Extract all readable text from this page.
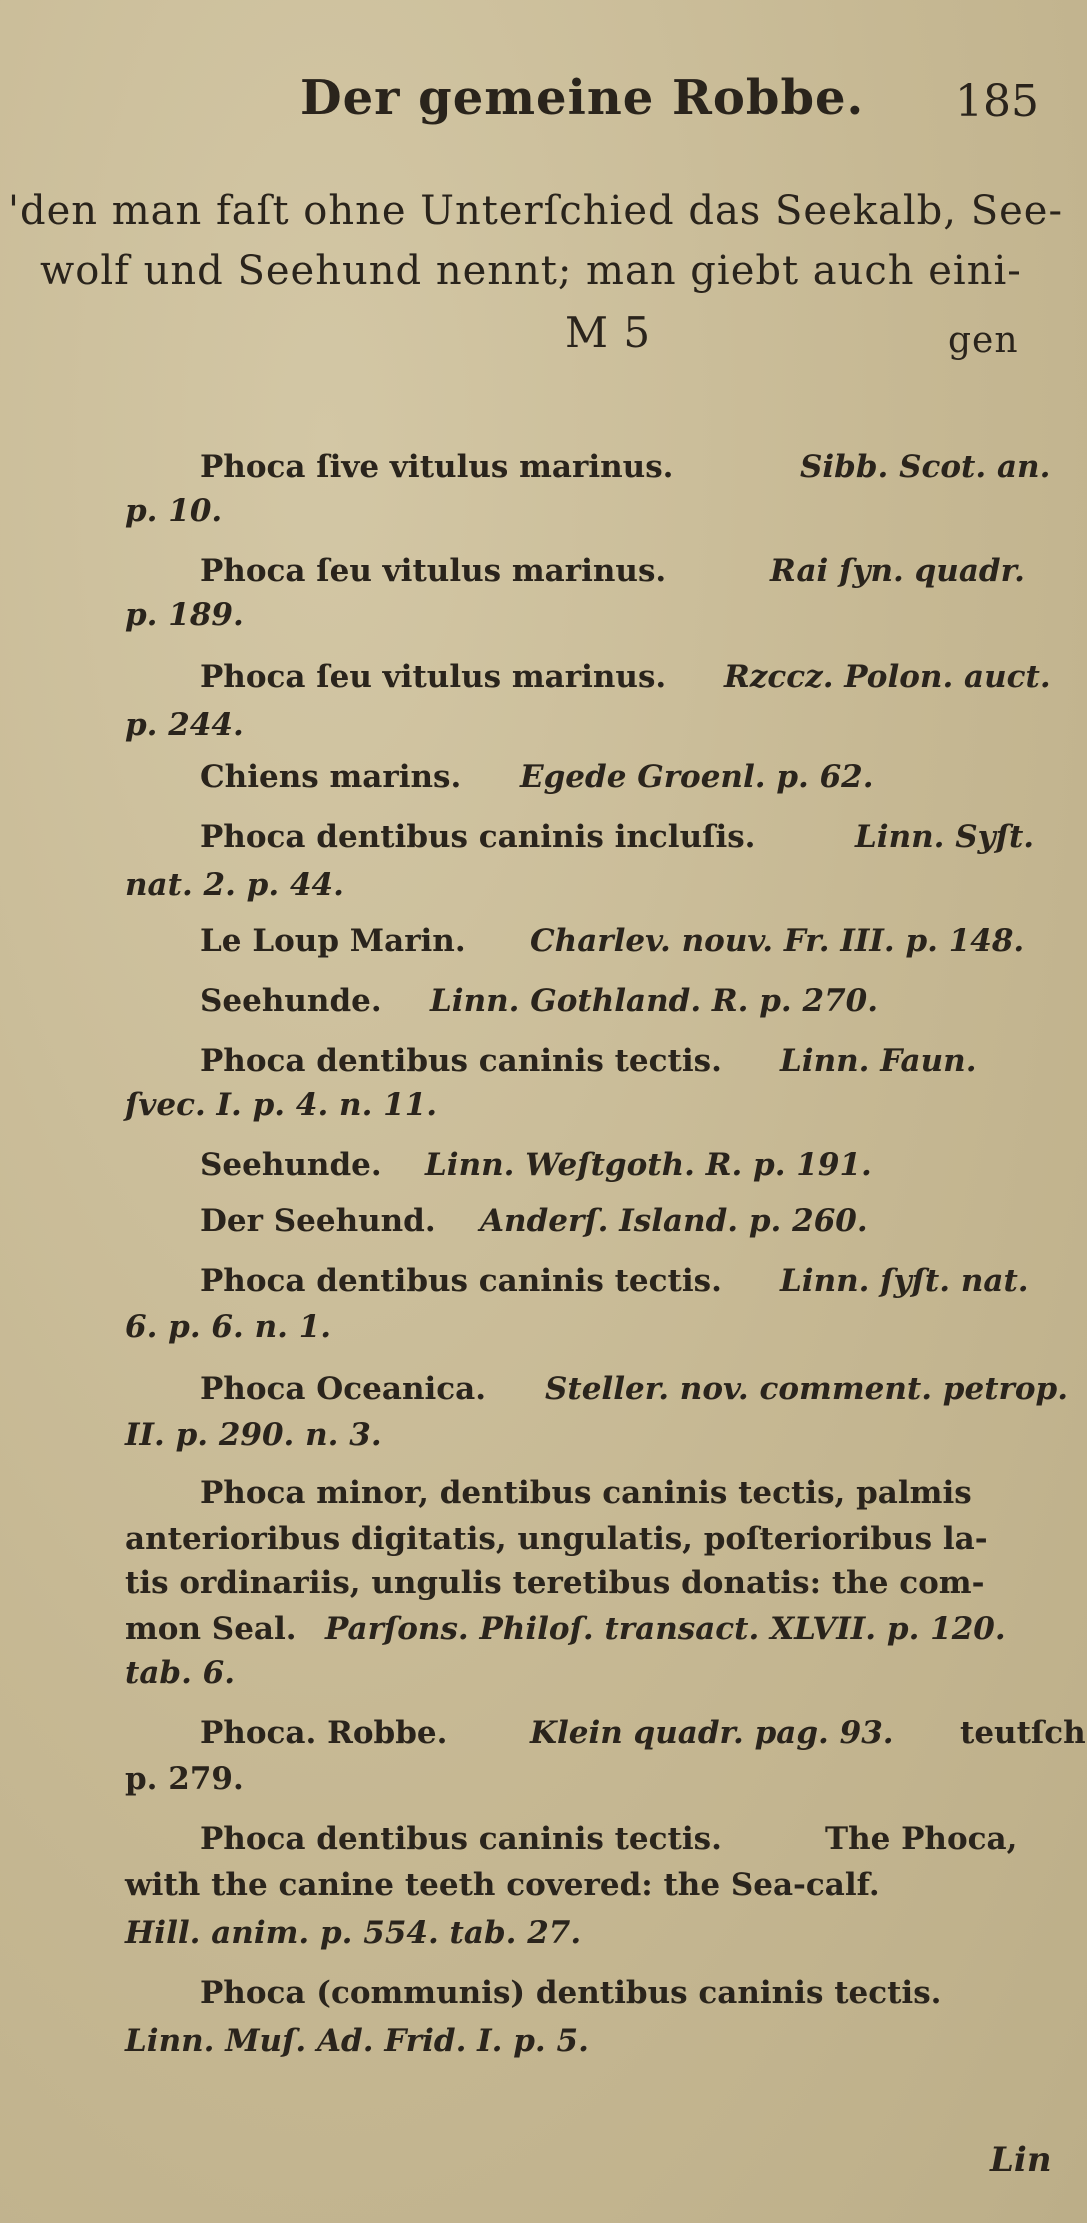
Der gemeine Robbe. 185
'den man faſt ohne Unterſchied das Seekalb, See-
wolf und Seehund nennt; man giebt auch eini-
M 5	gen
Phoca ſive vitulus marinus.	Sibb. Scot. an.
p. 10.
Phoca ſeu vitulus marinus.	Rai ſyn. quadr.
p. 189.
Phoca ſeu vitulus marinus. Rzccz. Polon. auct.
p. 244.
Chiens marins. Egede Groenl. p. 62.
Phoca dentibus caninis incluſis.	Linn. Syſt.
nat. 2. p. 44.
Le Loup Marin. Charlev. nouv. Fr. III. p. 148.
Seehunde. Linn. Gothland. R. p. 270.
Phoca dentibus caninis tectis. Linn. Faun.
ſvec. I. p. 4. n. 11.
Seehunde. Linn. Weſtgoth. R. p. 191.
Der Seehund. Anderſ. Island. p. 260.
Phoca dentibus caninis tectis. Linn. ſyſt. nat.
6. p. 6. n. 1.
Phoca Oceanica. Steller. nov. comment. petrop.
II. p. 290. n. 3.
Phoca minor, dentibus caninis tectis, palmis
anterioribus digitatis, ungulatis, poſterioribus la-
tis ordinariis, ungulis teretibus donatis: the com-
mon Seal. Parſons. Philoſ. transact. XLVII. p. 120.
tab. 6.
Phoca. Robbe.	Klein quadr. pag. 93. teutſch
p. 279.
Phoca dentibus caninis tectis.	The Phoca,
with the canine teeth covered: the Sea-calf.
Hill. anim. p. 554. tab. 27.
Phoca (communis) dentibus caninis tectis.
Linn. Muſ. Ad. Frid. I. p. 5.
Lin
